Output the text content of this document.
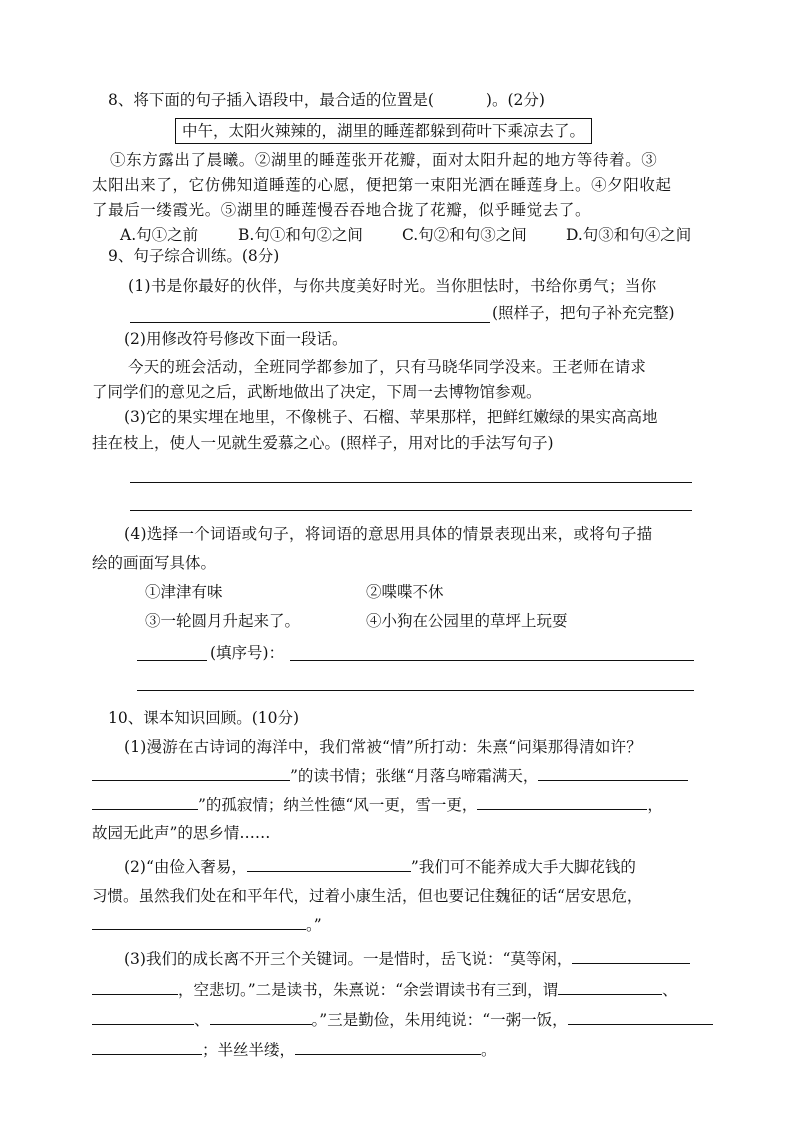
8、将下面的句子插入语段中，最合适的位置是(	)。(2分)
中午，太阳火辣辣的，湖里的睡莲都躲到荷叶下乘凉去了。
①东方露出了晨曦。②湖里的睡莲张开花瓣，面对太阳升起的地方等待着。③
太阳出来了，它仿佛知道睡莲的心愿，便把第一束阳光洒在睡莲身上。④夕阳收起
了最后一缕霞光。⑤湖里的睡莲慢吞吞地合拢了花瓣，似乎睡觉去了。
A.句①之前	B.句①和句②之间	C.句②和句③之间	D.句③和句④之间
9、句子综合训练。(8分)
(1)书是你最好的伙伴，与你共度美好时光。当你胆怯时，书给你勇气；当你
(照样子，把句子补充完整)
(2)用修改符号修改下面一段话。
今天的班会活动，全班同学都参加了，只有马晓华同学没来。王老师在请求
了同学们的意见之后，武断地做出了决定，下周一去博物馆参观。
(3)它的果实埋在地里，不像桃子、石榴、苹果那样，把鲜红嫩绿的果实高高地
挂在枝上，使人一见就生爱慕之心。(照样子，用对比的手法写句子)
(4)选择一个词语或句子，将词语的意思用具体的情景表现出来，或将句子描
绘的画面写具体。
①津津有味	②喋喋不休
③一轮圆月升起来了。	④小狗在公园里的草坪上玩耍
(填序号)：
10、课本知识回顾。(10分)
(1)漫游在古诗词的海洋中，我们常被“情”所打动：朱熹“问渠那得清如许？
”的读书情；张继“月落乌啼霜满天，
”的孤寂情；纳兰性德“风一更，雪一更，	，
故园无此声”的思乡情……
(2)“由俭入奢易，	”我们可不能养成大手大脚花钱的
习惯。虽然我们处在和平年代，过着小康生活，但也要记住魏征的话“居安思危，
。”
(3)我们的成长离不开三个关键词。一是惜时，岳飞说：“莫等闲，
，空悲切。”二是读书，朱熹说：“余尝谓读书有三到，谓	、
、	。”三是勤俭，朱用纯说：“一粥一饭，
；半丝半缕，	。
